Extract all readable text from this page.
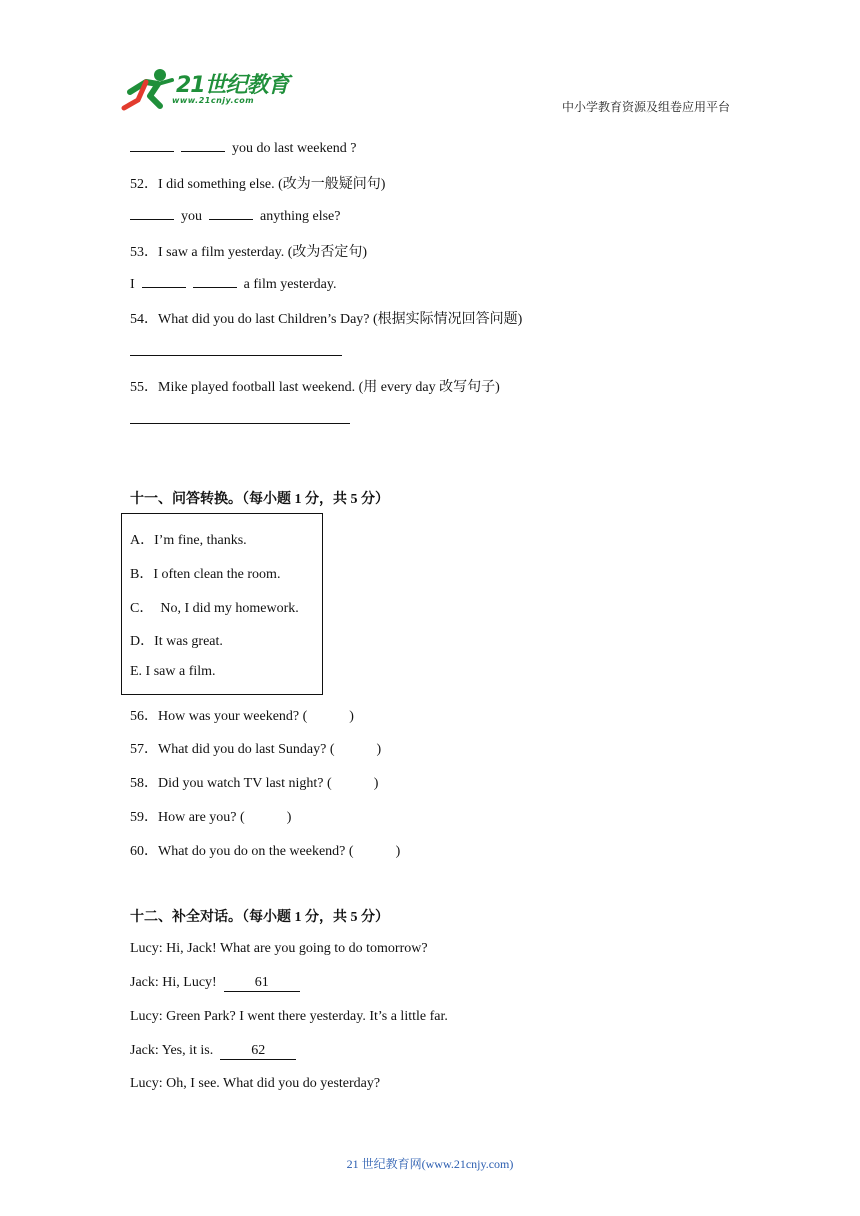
21世纪教育
www.21cnjy.com	中小学教育资源及组卷应用平台
you do last weekend ?
52．I did something else. (改为一般疑问句)
you	anything else?
53．I saw a film yesterday. (改为否定句)
I	a film yesterday.
54．What did you do last Children’s Day? (根据实际情况回答问题)
55．Mike played football last weekend. (用 every day 改写句子)
十一、问答转换。（每小题 1 分，共 5 分）
A．I’m fine, thanks.
B．I often clean the room.
C．  No, I did my homework.
D．It was great.
E. I saw a film.
56．How was your weekend? (	)
57．What did you do last Sunday? (	)
58．Did you watch TV last night? (	)
59．How are you? (	)
60．What do you do on the weekend? (	)
十二、补全对话。（每小题 1 分，共 5 分）
Lucy: Hi, Jack! What are you going to do tomorrow?
Jack: Hi, Lucy!	61
Lucy: Green Park? I went there yesterday. It’s a little far.
Jack: Yes, it is.	62
Lucy: Oh, I see. What did you do yesterday?
21 世纪教育网(www.21cnjy.com)
